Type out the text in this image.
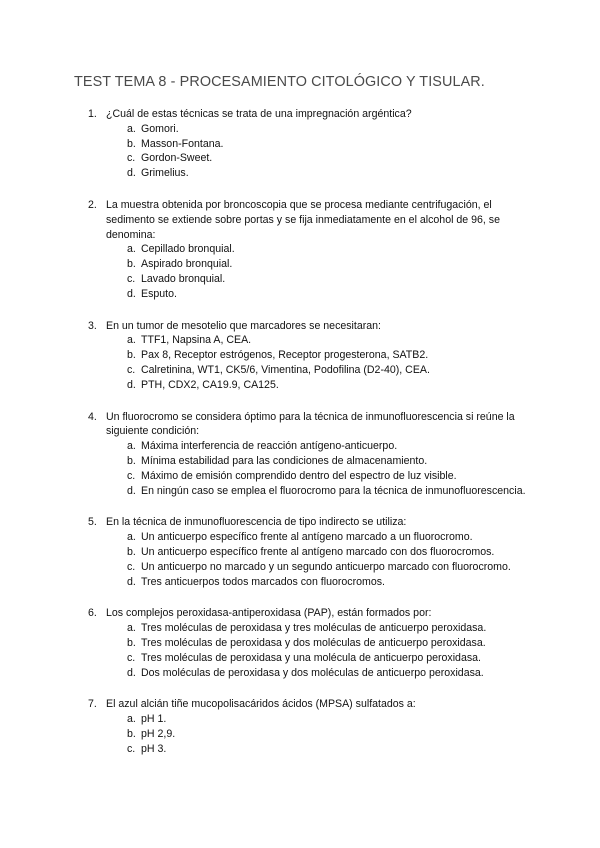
TEST TEMA 8 - PROCESAMIENTO CITOLÓGICO Y TISULAR.
1. ¿Cuál de estas técnicas se trata de una impregnación argéntica?
a. Gomori.
b. Masson-Fontana.
c. Gordon-Sweet.
d. Grimelius.
2. La muestra obtenida por broncoscopia que se procesa mediante centrifugación, el sedimento se extiende sobre portas y se fija inmediatamente en el alcohol de 96, se denomina:
a. Cepillado bronquial.
b. Aspirado bronquial.
c. Lavado bronquial.
d. Esputo.
3. En un tumor de mesotelio que marcadores se necesitaran:
a. TTF1, Napsina A, CEA.
b. Pax 8, Receptor estrógenos, Receptor progesterona, SATB2.
c. Calretinina, WT1, CK5/6, Vimentina, Podofilina (D2-40), CEA.
d. PTH, CDX2, CA19.9, CA125.
4. Un fluorocromo se considera óptimo para la técnica de inmunofluorescencia si reúne la siguiente condición:
a. Máxima interferencia de reacción antígeno-anticuerpo.
b. Mínima estabilidad para las condiciones de almacenamiento.
c. Máximo de emisión comprendido dentro del espectro de luz visible.
d. En ningún caso se emplea el fluorocromo para la técnica de inmunofluorescencia.
5. En la técnica de inmunofluorescencia de tipo indirecto se utiliza:
a. Un anticuerpo específico frente al antígeno marcado a un fluorocromo.
b. Un anticuerpo específico frente al antígeno marcado con dos fluorocromos.
c. Un anticuerpo no marcado y un segundo anticuerpo marcado con fluorocromo.
d. Tres anticuerpos todos marcados con fluorocromos.
6. Los complejos peroxidasa-antiperoxidasa (PAP), están formados por:
a. Tres moléculas de peroxidasa y tres moléculas de anticuerpo peroxidasa.
b. Tres moléculas de peroxidasa y dos moléculas de anticuerpo peroxidasa.
c. Tres moléculas de peroxidasa y una molécula de anticuerpo peroxidasa.
d. Dos moléculas de peroxidasa y dos moléculas de anticuerpo peroxidasa.
7. El azul alcián tiñe mucopolisacáridos ácidos (MPSA) sulfatados a:
a. pH 1.
b. pH 2,9.
c. pH 3.
